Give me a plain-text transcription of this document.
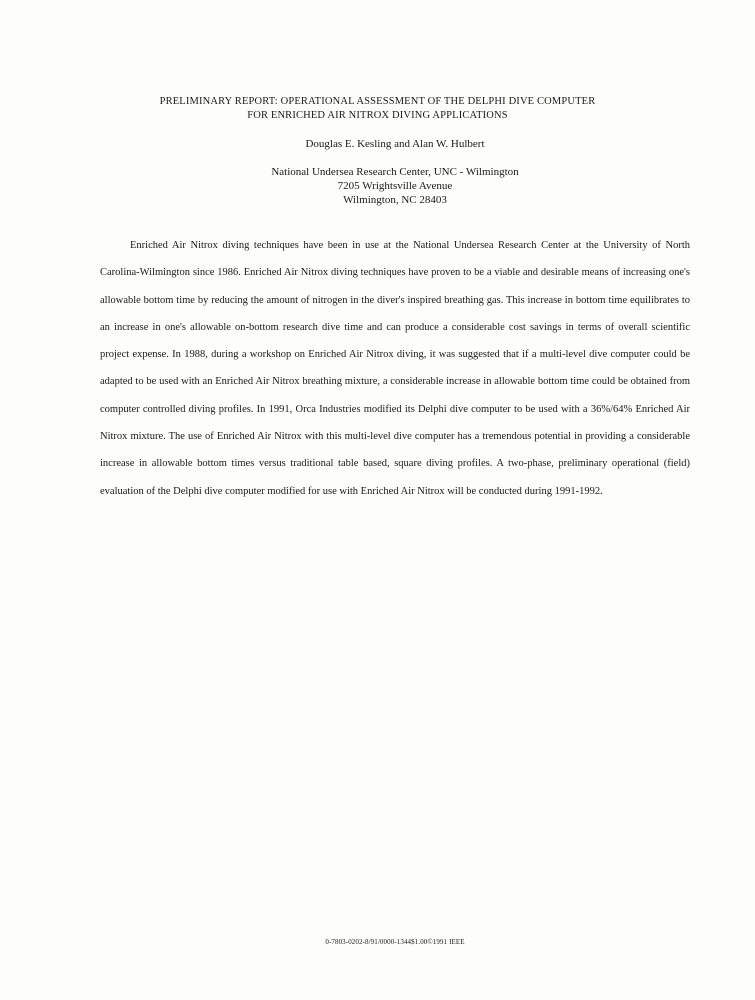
PRELIMINARY REPORT: OPERATIONAL ASSESSMENT OF THE DELPHI DIVE COMPUTER
FOR ENRICHED AIR NITROX DIVING APPLICATIONS
Douglas E. Kesling and Alan W. Hulbert
National Undersea Research Center, UNC - Wilmington
7205 Wrightsville Avenue
Wilmington, NC 28403

Enriched Air Nitrox diving techniques have been in use at the National Undersea Research Center at the University of North Carolina-Wilmington since 1986. Enriched Air Nitrox diving techniques have proven to be a viable and desirable means of increasing one's allowable bottom time by reducing the amount of nitrogen in the diver's inspired breathing gas. This increase in bottom time equilibrates to an increase in one's allowable on-bottom research dive time and can produce a considerable cost savings in terms of overall scientific project expense. In 1988, during a workshop on Enriched Air Nitrox diving, it was suggested that if a multi-level dive computer could be adapted to be used with an Enriched Air Nitrox breathing mixture, a considerable increase in allowable bottom time could be obtained from computer controlled diving profiles. In 1991, Orca Industries modified its Delphi dive computer to be used with a 36%/64% Enriched Air Nitrox mixture. The use of Enriched Air Nitrox with this multi-level dive computer has a tremendous potential in providing a considerable increase in allowable bottom times versus traditional table based, square diving profiles. A two-phase, preliminary operational (field) evaluation of the Delphi dive computer modified for use with Enriched Air Nitrox will be conducted during 1991-1992.

0-7803-0202-8/91/0000-1344$1.00©1991 IEEE
